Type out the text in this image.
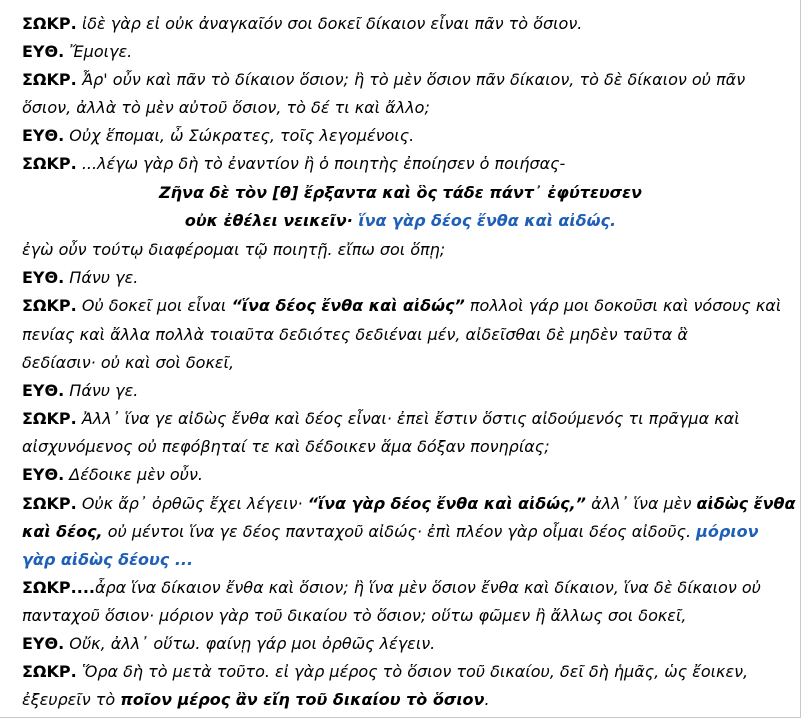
ΣΩΚΡ. ἰδὲ γὰρ εἰ οὐκ ἀναγκαῖόν σοι δοκεῖ δίκαιον εἶναι πᾶν τὸ ὅσιον.
ΕΥΘ. Ἔμοιγε.
ΣΩΚΡ. Ἆρ' οὖν καὶ πᾶν τὸ δίκαιον ὅσιον; ἢ τὸ μὲν ὅσιον πᾶν δίκαιον, τὸ δὲ δίκαιον οὐ πᾶν
ὅσιον, ἀλλὰ τὸ μὲν αὐτοῦ ὅσιον, τὸ δέ τι καὶ ἄλλο;
ΕΥΘ. Οὐχ ἕπομαι, ὦ Σώκρατες, τοῖς λεγομένοις.
ΣΩΚΡ. ...λέγω γὰρ δὴ τὸ ἐναντίον ἢ ὁ ποιητὴς ἐποίησεν ὁ ποιήσας-
Ζῆνα δὲ τὸν [θ] ἔρξαντα καὶ ὃς τάδε πάντ᾽ ἐφύτευσεν
οὐκ ἐθέλει νεικεῖν· ἵνα γὰρ δέος ἔνθα καὶ αἰδώς.
ἐγὼ οὖν τούτῳ διαφέρομαι τῷ ποιητῇ. εἴπω σοι ὅπῃ;
ΕΥΘ. Πάνυ γε.
ΣΩΚΡ. Οὐ δοκεῖ μοι εἶναι “ἵνα δέος ἔνθα καὶ αἰδώς” πολλοὶ γάρ μοι δοκοῦσι καὶ νόσους καὶ
πενίας καὶ ἄλλα πολλὰ τοιαῦτα δεδιότες δεδιέναι μέν, αἰδεῖσθαι δὲ μηδὲν ταῦτα ἃ
δεδίασιν· οὐ καὶ σοὶ δοκεῖ,
ΕΥΘ. Πάνυ γε.
ΣΩΚΡ. Ἀλλ᾽ ἵνα γε αἰδὼς ἔνθα καὶ δέος εἶναι· ἐπεὶ ἔστιν ὅστις αἰδούμενός τι πρᾶγμα καὶ
αἰσχυνόμενος οὐ πεφόβηταί τε καὶ δέδοικεν ἅμα δόξαν πονηρίας;
ΕΥΘ. Δέδοικε μὲν οὖν.
ΣΩΚΡ. Οὐκ ἄρ᾽ ὀρθῶς ἔχει λέγειν· “ἵνα γὰρ δέος ἔνθα καὶ αἰδώς,” ἀλλ᾽ ἵνα μὲν αἰδὼς ἔνθα
καὶ δέος, οὐ μέντοι ἵνα γε δέος πανταχοῦ αἰδώς· ἐπὶ πλέον γὰρ οἶμαι δέος αἰδοῦς. μόριον
γὰρ αἰδὼς δέους ...
ΣΩΚΡ....ἆρα ἵνα δίκαιον ἔνθα καὶ ὅσιον; ἢ ἵνα μὲν ὅσιον ἔνθα καὶ δίκαιον, ἵνα δὲ δίκαιον οὐ
πανταχοῦ ὅσιον· μόριον γὰρ τοῦ δικαίου τὸ ὅσιον; οὕτω φῶμεν ἢ ἄλλως σοι δοκεῖ,
ΕΥΘ. Οὔκ, ἀλλ᾽ οὕτω. φαίνῃ γάρ μοι ὀρθῶς λέγειν.
ΣΩΚΡ. Ὅρα δὴ τὸ μετὰ τοῦτο. εἰ γὰρ μέρος τὸ ὅσιον τοῦ δικαίου, δεῖ δὴ ἡμᾶς, ὡς ἔοικεν,
ἐξευρεῖν τὸ ποῖον μέρος ἂν εἴη τοῦ δικαίου τὸ ὅσιον.
